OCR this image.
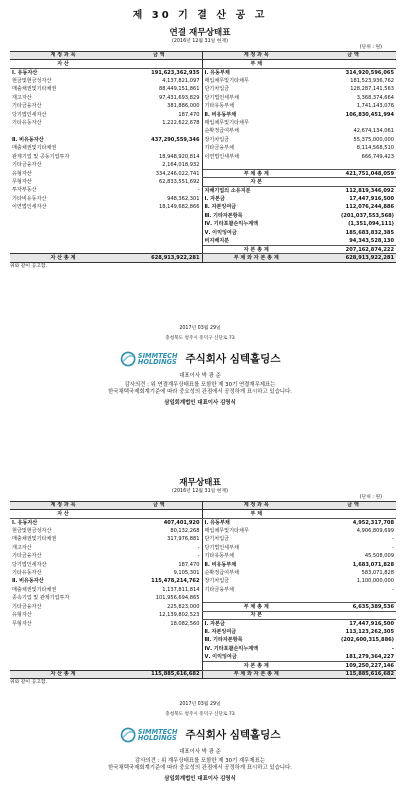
제 30 기 결 산 공 고
연결 재무상태표
(2016년 12월 31일 현재)
(단위 : 원)
계 정 과 목	금 액	계 정 과 목	금 액
자 산		부 채	
Ⅰ. 유동자산	191,623,362,935	Ⅰ. 유동부채	314,920,596,065
현금및현금성자산	4,137,821,097	매입채무및기타채무	181,523,936,762
매출채권및기타채권	88,449,151,861	단기차입금	128,287,141,563
재고자산	97,431,693,829	당기법인세부채	3,368,374,664
기타금융자산	381,886,000	기타유동부채	1,741,143,076
당기법인세자산	187,470	Ⅱ. 비유동부채	106,830,451,994
기타유동자산	1,222,622,678	매입채무및기타채무	
		순확정급여부채	42,674,134,061
Ⅱ. 비유동자산	437,290,559,346	장기차입금	55,375,000,000
매출채권및기타채권		기타금융부채	8,114,568,510
관계기업 및 공동기업투자	18,948,920,814	이연법인세부채	666,749,423
기타금융자산	2,164,018,932		
유형자산	334,246,022,741	부 채 총 계	421,751,048,059
무형자산	62,833,551,692	자 본	
투자부동산	-	지배기업의 소유지분	112,819,346,092
기타비유동자산	948,362,301	Ⅰ. 자본금	17,447,916,500
이연법인세자산	18,149,682,866	Ⅱ. 자본잉여금	112,076,244,886
		Ⅲ. 기타자본항목	(201,037,553,568)
		Ⅳ. 기타포괄손익누계액	(1,351,094,111)
		Ⅴ. 이익잉여금	185,683,832,385
		비지배지분	94,343,528,130
		자 본 총 계	207,162,874,222
자 산 총 계	628,913,922,281	부 채 와 자 본 총 계	628,913,922,281
위와 같이 공고함.
2017년 03월 29일
충청북도 청주시 흥덕구 산단로 73
SIMMTECH
HOLDINGS 주식회사 심텍홀딩스
대표이사 박 광 준
감사의견 : 위 연결재무상태표를 포함한 제 30기 연결재무제표는
한국채택국제회계기준에 따라 중요성의 관점에서 공정하게 표시하고 있습니다.
삼일회계법인 대표이사 김영식
재무상태표
(2016년 12월 31일 현재)
(단위 : 원)
계 정 과 목	금 액	계 정 과 목	금 액
자 산		부 채	
Ⅰ. 유동자산	407,401,920	Ⅰ. 유동부채	4,952,317,708
현금및현금성자산	80,132,268	매입채무및기타채무	4,906,809,699
매출채권및기타채권	317,976,881	단기차입금	-
재고자산	-	당기법인세부채	-
기타금융자산	-	기타유동부채	45,508,009
당기법인세자산	187,470	Ⅱ. 비유동부채	1,683,071,828
기타유동자산	9,105,301	순확정급여부채	583,071,828
Ⅱ. 비유동자산	115,478,214,762	장기차입금	1,100,000,000
매출채권및기타채권	1,137,811,814	기타금융부채	-
종속기업 및 관계기업투자	101,956,694,865		
기타금융자산	225,823,000	부 채 총 계	6,635,389,536
유형자산	12,139,802,523	자 본	
무형자산	18,082,560	Ⅰ. 자본금	17,447,916,500
		Ⅱ. 자본잉여금	113,123,262,305
		Ⅲ. 기타자본항목	(202,600,315,886)
		Ⅳ. 기타포괄손익누계액	-
		Ⅴ. 이익잉여금	181,279,364,227
		자 본 총 계	109,250,227,146
자 산 총 계	115,885,616,682	부 채 와 자 본 총 계	115,885,616,682
위와 같이 공고함.
2017년 03월 29일
충청북도 청주시 흥덕구 산단로 73
SIMMTECH
HOLDINGS 주식회사 심텍홀딩스
대표이사 박 광 준
감사의견 : 위 재무상태표를 포함한 제 30기 재무제표는
한국채택국제회계기준에 따라 중요성의 관점에서 공정하게 표시하고 있습니다.
삼일회계법인 대표이사 김영식
